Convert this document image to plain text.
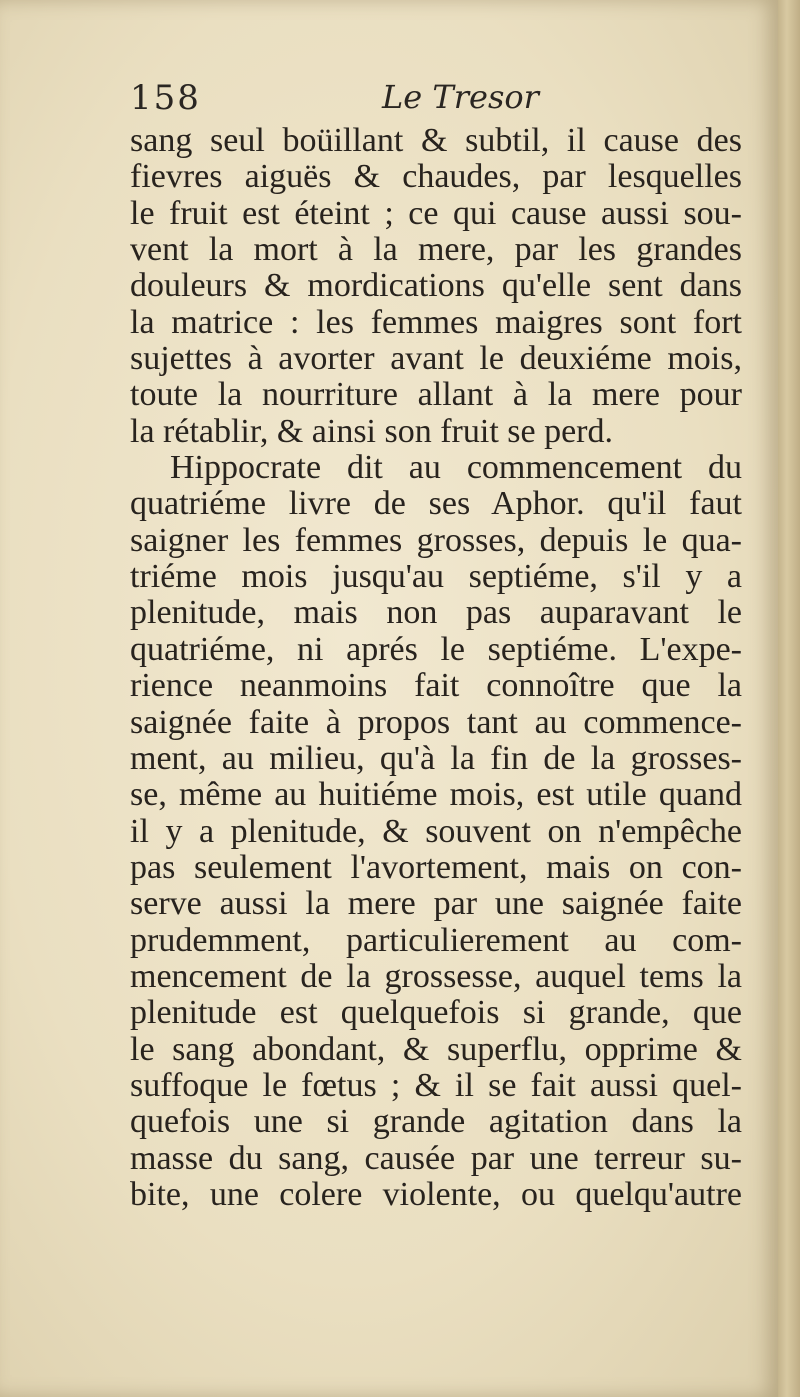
158	Le Tresor
sang seul boüillant & subtil, il cause des
fievres aiguës & chaudes, par lesquelles
le fruit est éteint ; ce qui cause aussi sou-
vent la mort à la mere, par les grandes
douleurs & mordications qu'elle sent dans
la matrice : les femmes maigres sont fort
sujettes à avorter avant le deuxiéme mois,
toute la nourriture allant à la mere pour
la rétablir, & ainsi son fruit se perd.
Hippocrate dit au commencement du
quatriéme livre de ses Aphor. qu'il faut
saigner les femmes grosses, depuis le qua-
triéme mois jusqu'au septiéme, s'il y a
plenitude, mais non pas auparavant le
quatriéme, ni aprés le septiéme. L'expe-
rience neanmoins fait connoître que la
saignée faite à propos tant au commence-
ment, au milieu, qu'à la fin de la grosses-
se, même au huitiéme mois, est utile quand
il y a plenitude, & souvent on n'empêche
pas seulement l'avortement, mais on con-
serve aussi la mere par une saignée faite
prudemment, particulierement au com-
mencement de la grossesse, auquel tems la
plenitude est quelquefois si grande, que
le sang abondant, & superflu, opprime &
suffoque le fœtus ; & il se fait aussi quel-
quefois une si grande agitation dans la
masse du sang, causée par une terreur su-
bite, une colere violente, ou quelqu'autre
